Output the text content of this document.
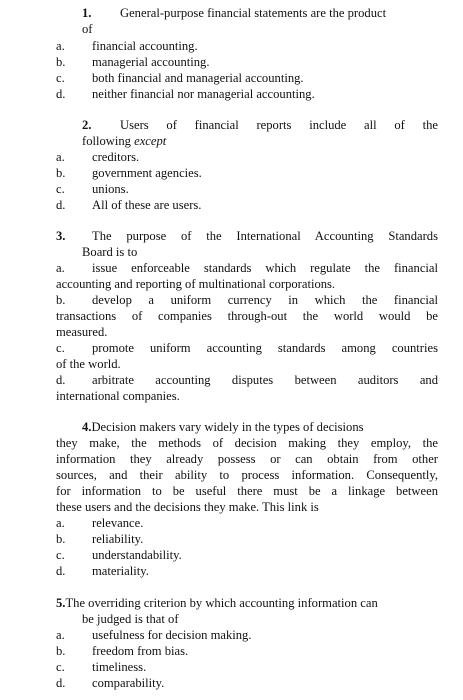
1. General-purpose financial statements are the product
of
a. financial accounting.
b. managerial accounting.
c. both financial and managerial accounting.
d. neither financial nor managerial accounting.
2. Users of financial reports include all of the
following except
a. creditors.
b. government agencies.
c. unions.
d. All of these are users.
3. The purpose of the International Accounting Standards
Board is to
a. issue enforceable standards which regulate the financial
accounting and reporting of multinational corporations.
b. develop a uniform currency in which the financial
transactions of companies through-out the world would be
measured.
c. promote uniform accounting standards among countries
of the world.
d. arbitrate accounting disputes between auditors and
international companies.
4.Decision makers vary widely in the types of decisions
they make, the methods of decision making they employ, the
information they already possess or can obtain from other
sources, and their ability to process information. Consequently,
for information to be useful there must be a linkage between
these users and the decisions they make. This link is
a. relevance.
b. reliability.
c. understandability.
d. materiality.
5.The overriding criterion by which accounting information can
be judged is that of
a. usefulness for decision making.
b. freedom from bias.
c. timeliness.
d. comparability.
